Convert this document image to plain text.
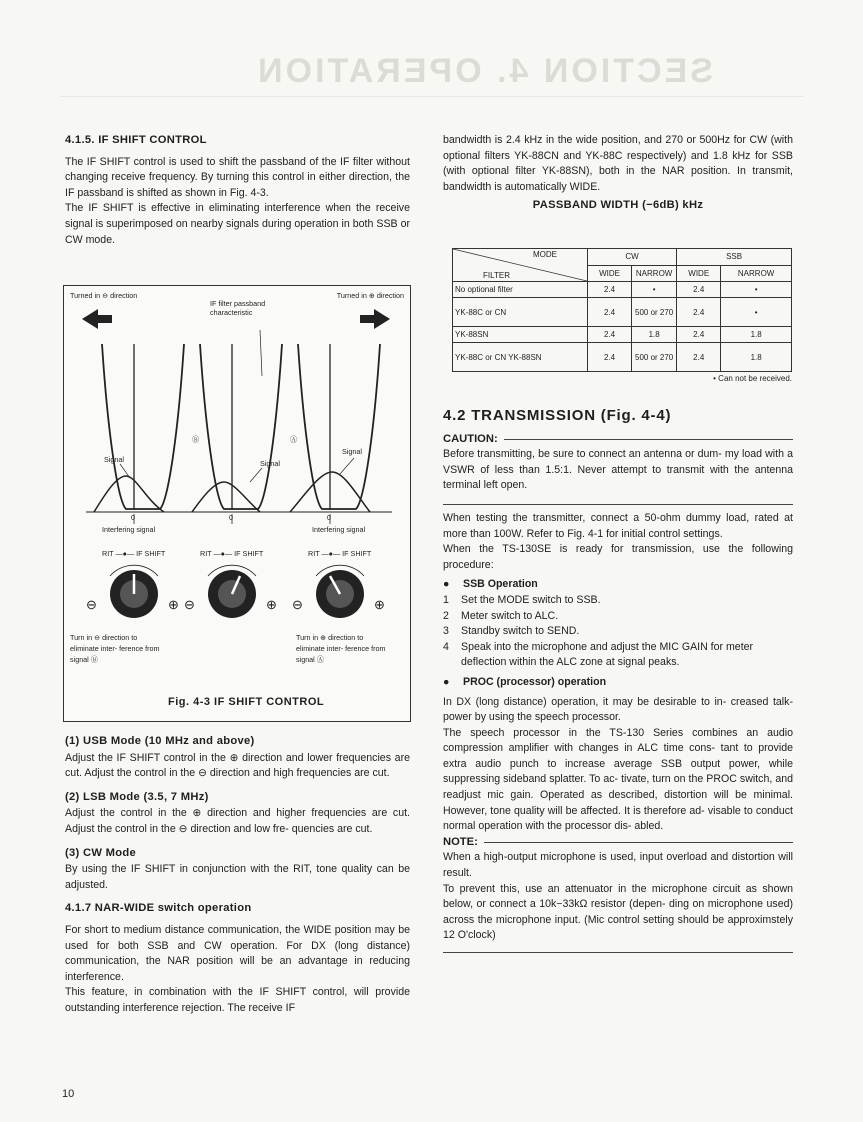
SECTION 4. OPERATION
4.1.5. IF SHIFT CONTROL

The IF SHIFT control is used to shift the passband of the IF filter without changing receive frequency. By turning this control in either direction, the IF passband is shifted as shown in Fig. 4-3.

The IF SHIFT is effective in eliminating interference when the receive signal is superimposed on nearby signals during operation in both SSB or CW mode.

Turned in ⊖ direction	Turned in ⊕ direction
IF filter passband characteristic
Ⓑ	Ⓐ
Signal	Signal
Signal
0	0	0
Interfering signal	Interfering signal
RIT —●— IF SHIFT	RIT —●— IF SHIFT	RIT —●— IF SHIFT
⊖	⊕ ⊖	⊕ ⊖	⊕
Turn in ⊖ direction to eliminate inter- ference from signal Ⓑ
Turn in ⊕ direction to eliminate inter- ference from signal Ⓐ
Fig. 4-3 IF SHIFT CONTROL
(1) USB Mode (10 MHz and above)

Adjust the IF SHIFT control in the ⊕ direction and lower frequencies are cut. Adjust the control in the ⊖ direction and high frequencies are cut.

(2) LSB Mode (3.5, 7 MHz)

Adjust the control in the ⊕ direction and higher frequencies are cut. Adjust the control in the ⊖ direction and low fre- quencies are cut.

(3) CW Mode

By using the IF SHIFT in conjunction with the RIT, tone quality can be adjusted.

4.1.7 NAR-WIDE switch operation

For short to medium distance communication, the WIDE position may be used for both SSB and CW operation. For DX (long distance) communication, the NAR position will be an advantage in reducing interference.

This feature, in combination with the IF SHIFT control, will provide outstanding interference rejection. The receive IF

bandwidth is 2.4 kHz in the wide position, and 270 or 500Hz for CW (with optional filters YK-88CN and YK-88C respectively) and 1.8 kHz for SSB (with optional filter YK-88SN), both in the NAR position. In transmit, bandwidth is automatically WIDE.

PASSBAND WIDTH (−6dB) kHz
MODE
FILTER	CW		SSB	
	WIDE	NARROW	WIDE	NARROW
No optional filter	2.4	•	2.4	•
YK-88C or CN	2.4	500 or 270	2.4	•
YK-88SN	2.4	1.8	2.4	1.8
YK-88C or CN YK-88SN	2.4	500 or 270	2.4	1.8
• Can not be received.
4.2 TRANSMISSION (Fig. 4-4)
CAUTION:

Before transmitting, be sure to connect an antenna or dum- my load with a VSWR of less than 1.5:1. Never attempt to transmit with the antenna terminal left open.

When testing the transmitter, connect a 50-ohm dummy load, rated at more than 100W. Refer to Fig. 4-1 for initial control settings.

When the TS-130SE is ready for transmission, use the following procedure:

●	SSB Operation
1	Set the MODE switch to SSB.
2	Meter switch to ALC.
3	Standby switch to SEND.
4	Speak into the microphone and adjust the MIC GAIN for meter deflection within the ALC zone at signal peaks.
●	PROC (processor) operation

In DX (long distance) operation, it may be desirable to in- creased talk-power by using the speech processor.

The speech processor in the TS-130 Series combines an audio compression amplifier with changes in ALC time cons- tant to provide extra audio punch to increase average SSB output power, while suppressing sideband splatter. To ac- tivate, turn on the PROC switch, and readjust mic gain. Operated as described, distortion will be minimal. However, tone quality will be affected. It is therefore ad- visable to conduct normal operation with the processor dis- abled.

NOTE:

When a high-output microphone is used, input overload and distortion will result.

To prevent this, use an attenuator in the microphone circuit as shown below, or connect a 10k−33kΩ resistor (depen- ding on microphone used) across the microphone input. (Mic control setting should be approximstely 12 O'clock)

10
